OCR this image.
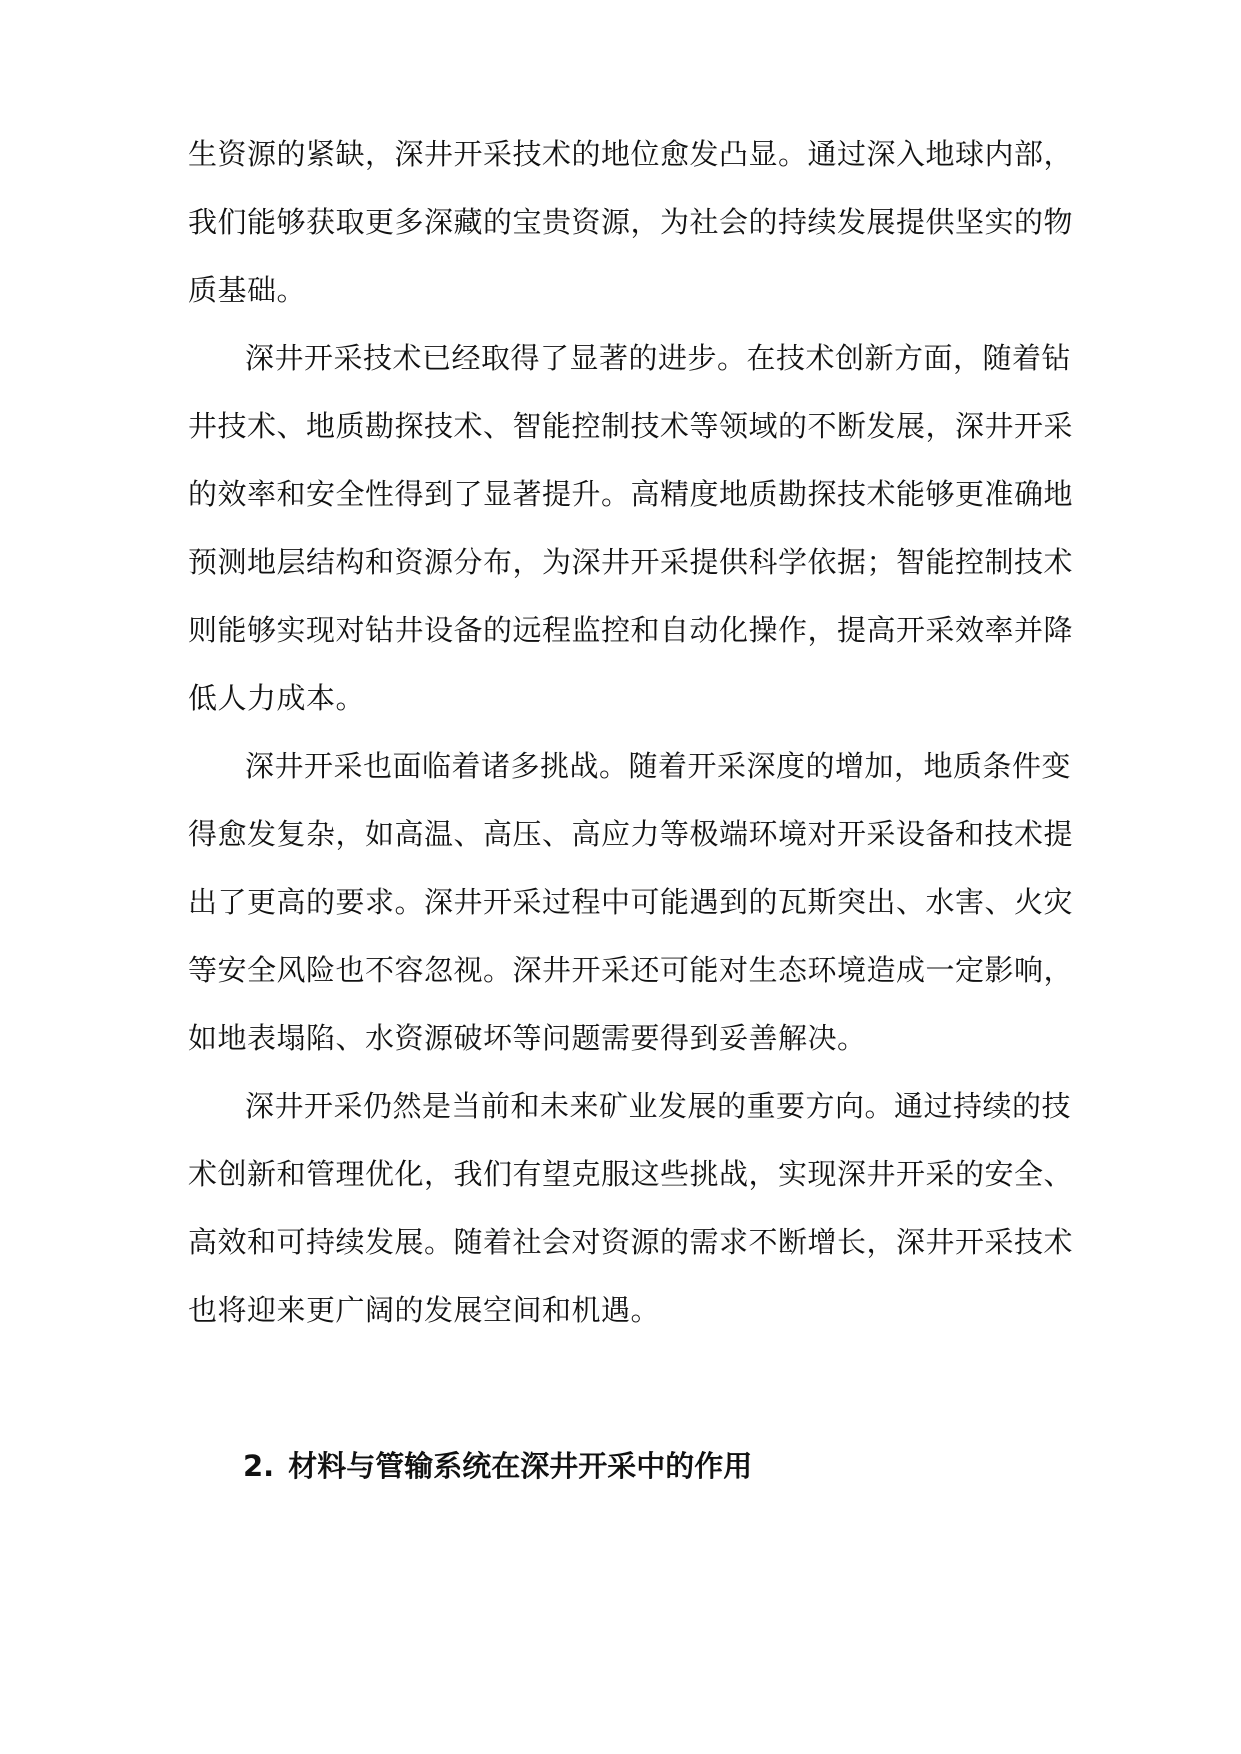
生资源的紧缺，深井开采技术的地位愈发凸显。通过深入地球内部，
我们能够获取更多深藏的宝贵资源，为社会的持续发展提供坚实的物
质基础。
深井开采技术已经取得了显著的进步。在技术创新方面，随着钻
井技术、地质勘探技术、智能控制技术等领域的不断发展，深井开采
的效率和安全性得到了显著提升。高精度地质勘探技术能够更准确地
预测地层结构和资源分布，为深井开采提供科学依据；智能控制技术
则能够实现对钻井设备的远程监控和自动化操作，提高开采效率并降
低人力成本。
深井开采也面临着诸多挑战。随着开采深度的增加，地质条件变
得愈发复杂，如高温、高压、高应力等极端环境对开采设备和技术提
出了更高的要求。深井开采过程中可能遇到的瓦斯突出、水害、火灾
等安全风险也不容忽视。深井开采还可能对生态环境造成一定影响，
如地表塌陷、水资源破坏等问题需要得到妥善解决。
深井开采仍然是当前和未来矿业发展的重要方向。通过持续的技
术创新和管理优化，我们有望克服这些挑战，实现深井开采的安全、
高效和可持续发展。随着社会对资源的需求不断增长，深井开采技术
也将迎来更广阔的发展空间和机遇。
2. 材料与管输系统在深井开采中的作用
